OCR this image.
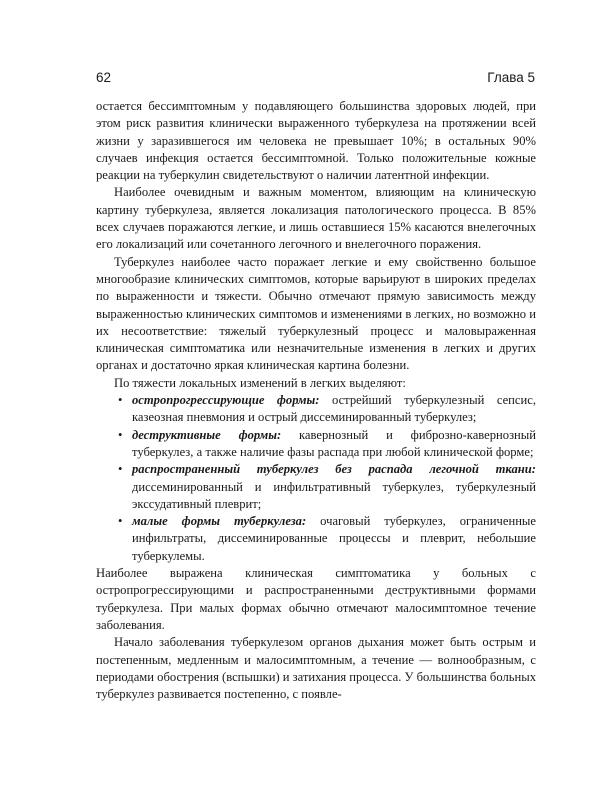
62	Глава 5

остается бессимптомным у подавляющего большинства здоровых людей, при этом риск развития клинически выраженного туберкулеза на протяжении всей жизни у заразившегося им человека не превышает 10%; в остальных 90% случаев инфекция остается бессимптомной. Только положительные кожные реакции на туберкулин свидетельствуют о наличии латентной инфекции.

Наиболее очевидным и важным моментом, влияющим на клиническую картину туберкулеза, является локализация патологического процесса. В 85% всех случаев поражаются легкие, и лишь оставшиеся 15% касаются внелегочных его локализаций или сочетанного легочного и внелегочного поражения.

Туберкулез наиболее часто поражает легкие и ему свойственно большое многообразие клинических симптомов, которые варьируют в широких пределах по выраженности и тяжести. Обычно отмечают прямую зависимость между выраженностью клинических симптомов и изменениями в легких, но возможно и их несоответствие: тяжелый туберкулезный процесс и маловыраженная клиническая симптоматика или незначительные изменения в легких и других органах и достаточно яркая клиническая картина болезни.

По тяжести локальных изменений в легких выделяют:

• остропрогрессирующие формы: острейший туберкулезный сепсис, казеозная пневмония и острый диссеминированный туберкулез;
• деструктивные формы: кавернозный и фиброзно-кавернозный туберкулез, а также наличие фазы распада при любой клинической форме;
• распространенный туберкулез без распада легочной ткани: диссеминированный и инфильтративный туберкулез, туберкулезный экссудативный плеврит;
• малые формы туберкулеза: очаговый туберкулез, ограниченные инфильтраты, диссеминированные процессы и плеврит, небольшие туберкулемы.

Наиболее выражена клиническая симптоматика у больных с остропрогрессирующими и распространенными деструктивными формами туберкулеза. При малых формах обычно отмечают малосимптомное течение заболевания.

Начало заболевания туберкулезом органов дыхания может быть острым и постепенным, медленным и малосимптомным, а течение — волнообразным, с периодами обострения (вспышки) и затихания процесса. У большинства больных туберкулез развивается постепенно, с появле-
